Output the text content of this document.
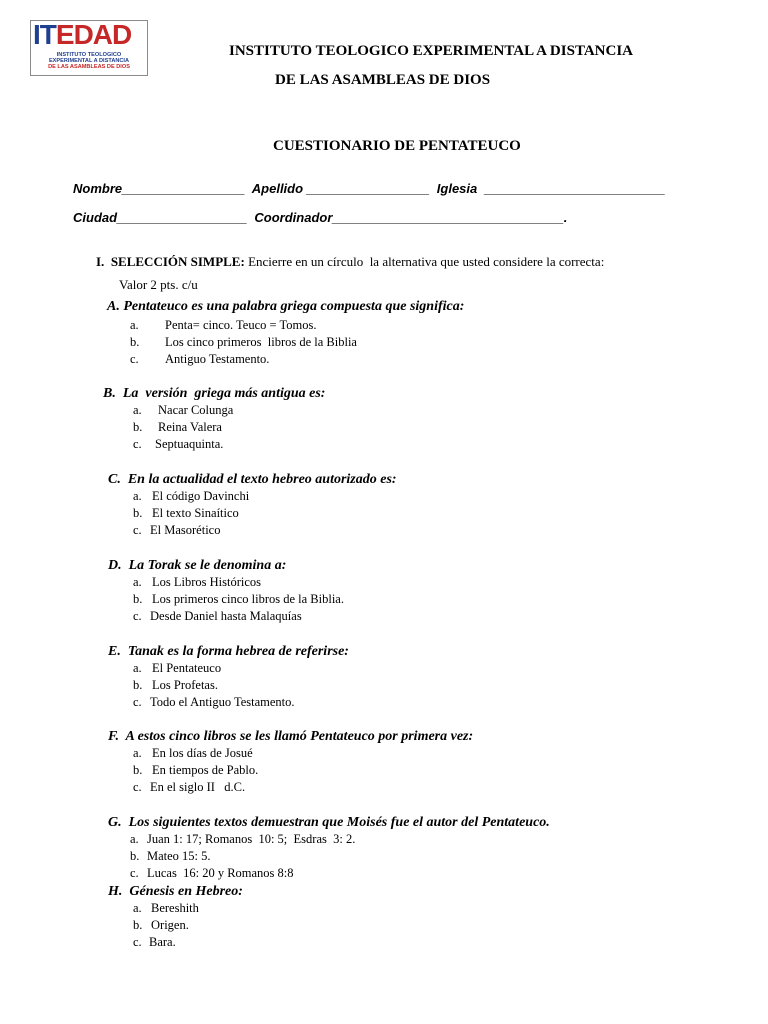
ITEDAD
INSTITUTO TEOLOGICO
EXPERIMENTAL A DISTANCIA
DE LAS ASAMBLEAS DE DIOS
INSTITUTO TEOLOGICO EXPERIMENTAL A DISTANCIA
DE LAS ASAMBLEAS DE DIOS
CUESTIONARIO DE PENTATEUCO
Nombre_________________  Apellido _________________  Iglesia  _________________________
Ciudad__________________  Coordinador________________________________.
I. SELECCIÓN SIMPLE: Encierre en un círculo  la alternativa que usted considere la correcta:
Valor 2 pts. c/u
A. Pentateuco es una palabra griega compuesta que significa:
a. Penta= cinco. Teuco = Tomos.
b. Los cinco primeros  libros de la Biblia
c. Antiguo Testamento.
B.  La  versión  griega más antigua es:
a. Nacar Colunga
b. Reina Valera
c. Septuaquinta.
C.  En la actualidad el texto hebreo autorizado es:
a. El código Davinchi
b. El texto Sinaítico
c. El Masorético
D.  La Torak se le denomina a:
a. Los Libros Históricos
b. Los primeros cinco libros de la Biblia.
c. Desde Daniel hasta Malaquías
E.  Tanak es la forma hebrea de referirse:
a. El Pentateuco
b. Los Profetas.
c. Todo el Antiguo Testamento.
F.  A estos cinco libros se les llamó Pentateuco por primera vez:
a. En los días de Josué
b. En tiempos de Pablo.
c. En el siglo II   d.C.
G.  Los siguientes textos demuestran que Moisés fue el autor del Pentateuco.
a. Juan 1: 17; Romanos  10: 5;  Esdras  3: 2.
b. Mateo 15: 5.
c. Lucas  16: 20 y Romanos 8:8
H.  Génesis en Hebreo:
a. Bereshith
b. Origen.
c. Bara.
